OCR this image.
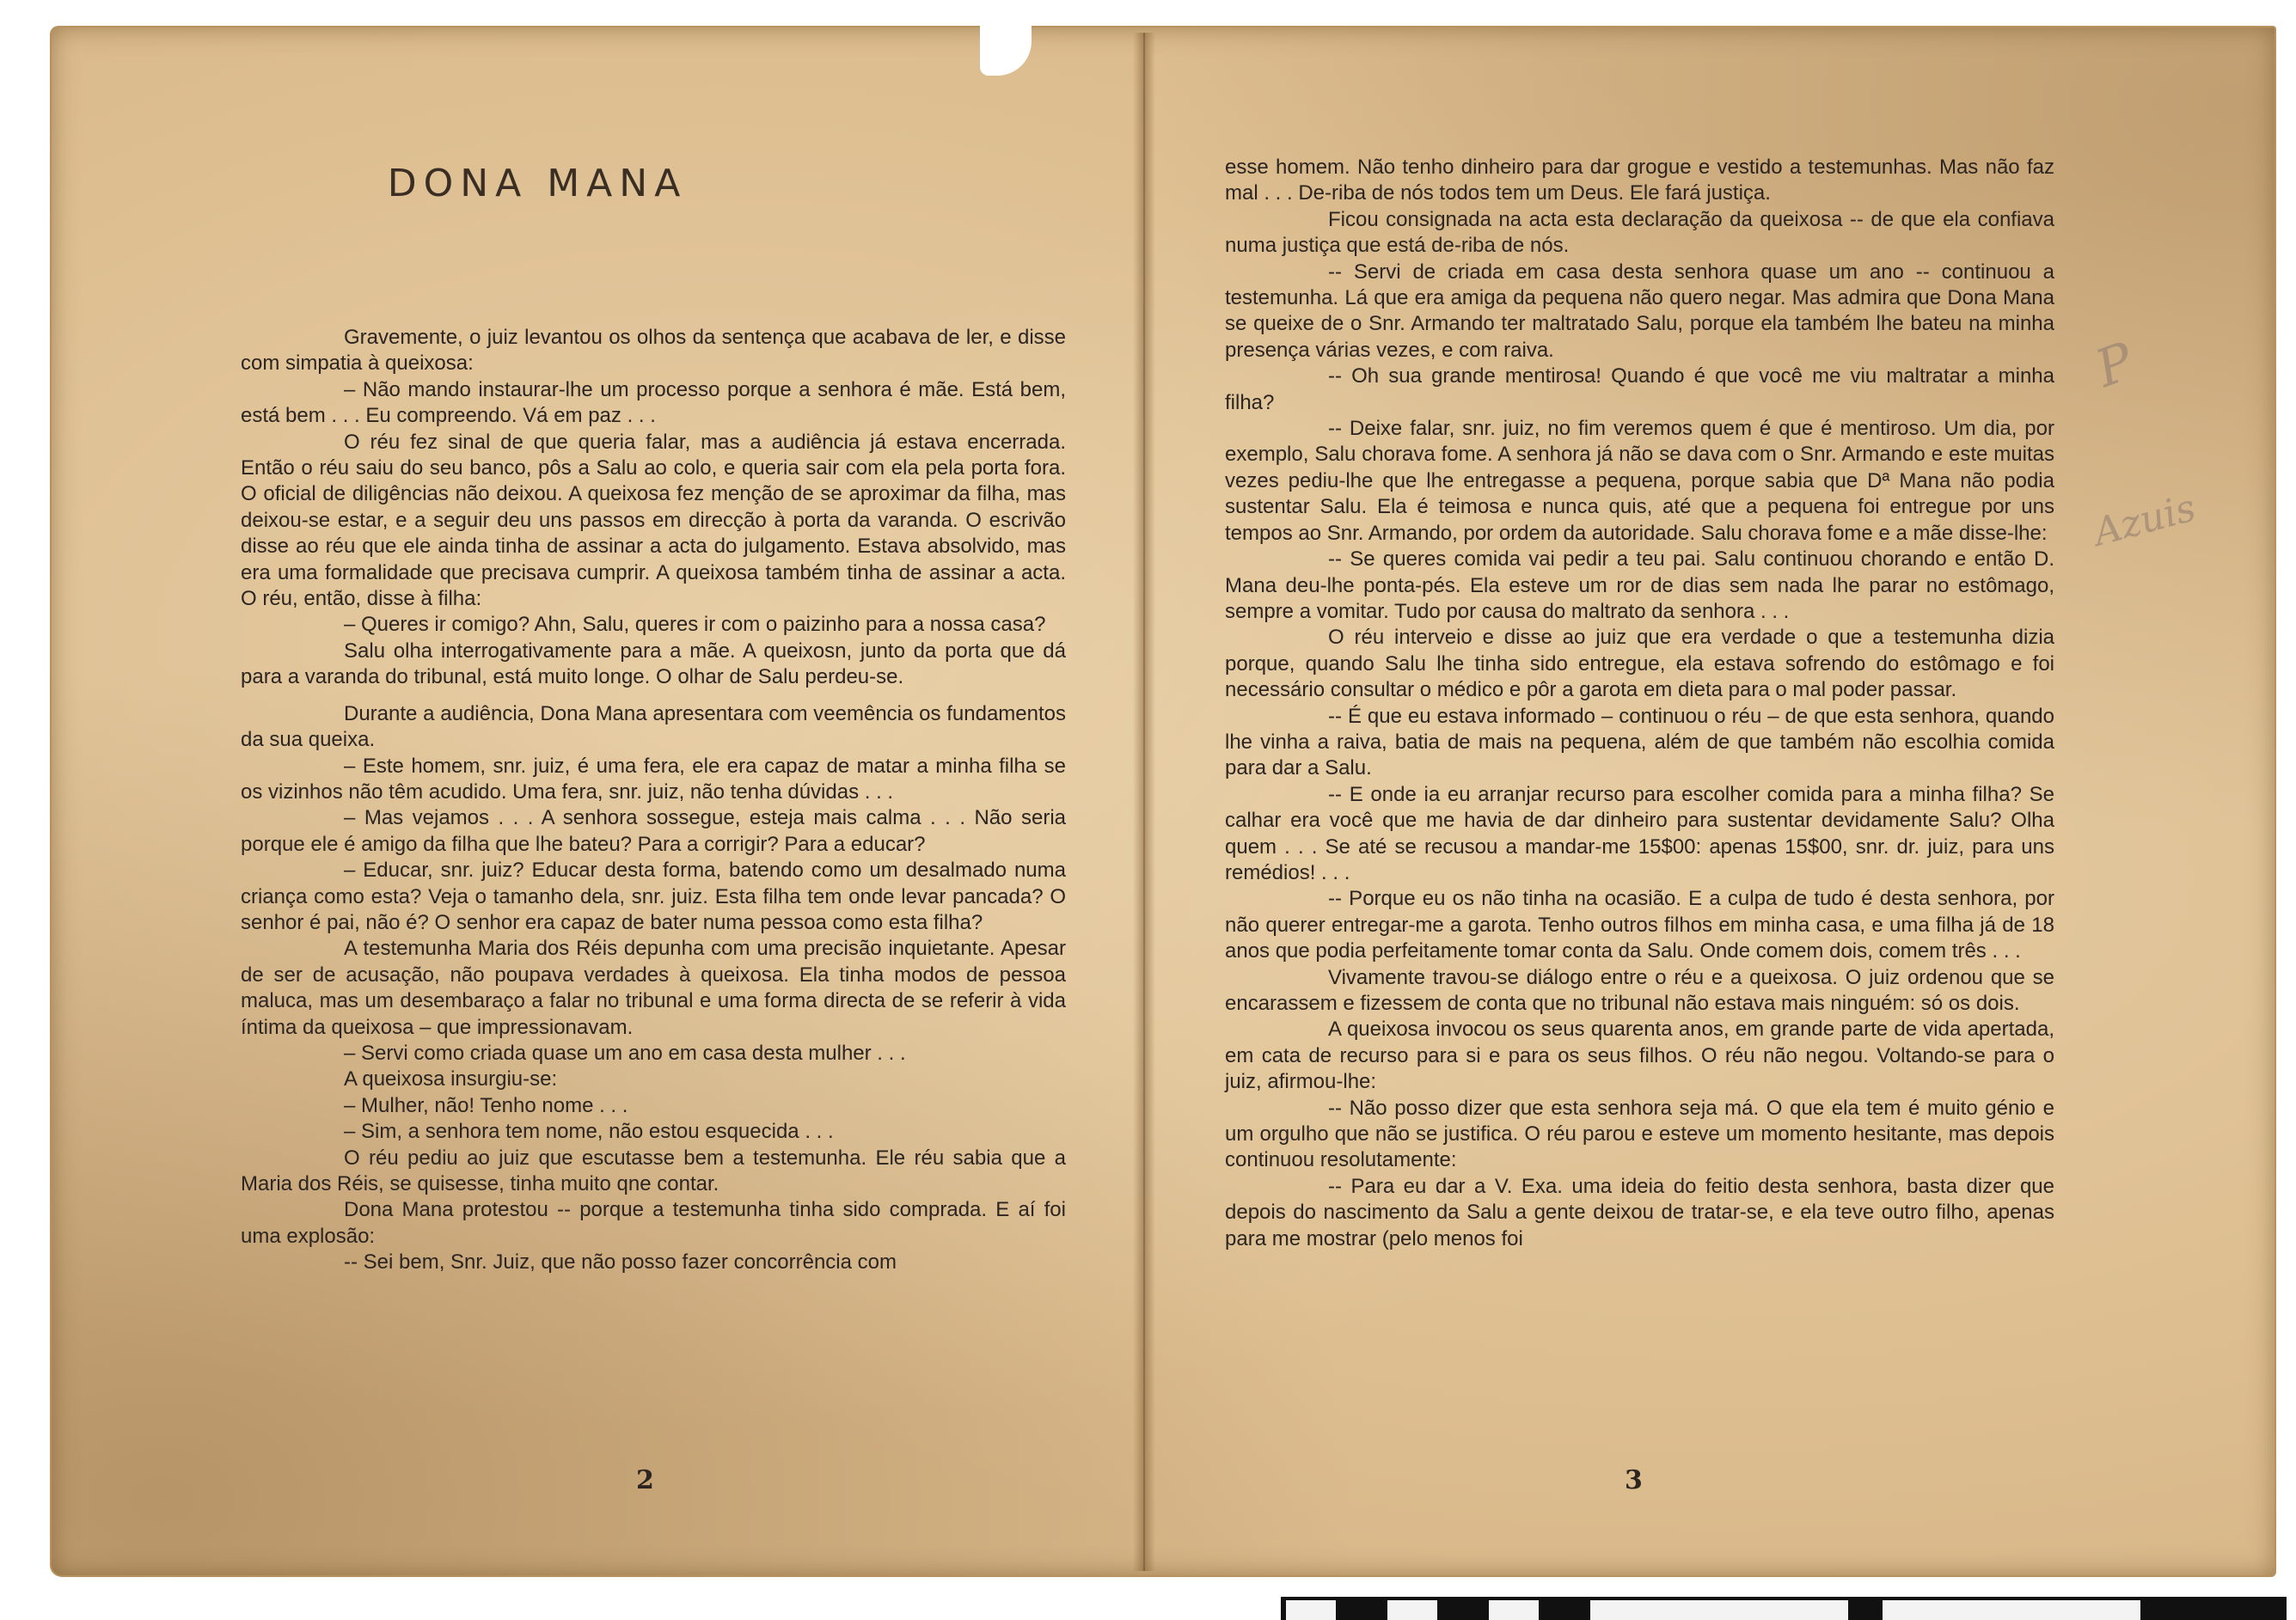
DONA MANA

Gravemente, o juiz levantou os olhos da sentença que acabava de ler, e disse com simpatia à queixosa:

– Não mando instaurar-lhe um processo porque a senhora é mãe. Está bem, está bem . . . Eu compreendo. Vá em paz . . .

O réu fez sinal de que queria falar, mas a audiência já estava encerrada. Então o réu saiu do seu banco, pôs a Salu ao colo, e queria sair com ela pela porta fora. O oficial de diligências não deixou. A queixosa fez menção de se aproximar da filha, mas deixou-se estar, e a seguir deu uns passos em direcção à porta da varanda. O escrivão disse ao réu que ele ainda tinha de assinar a acta do julgamento. Estava absolvido, mas era uma formalidade que precisava cumprir. A queixosa também tinha de assinar a acta. O réu, então, disse à filha:

– Queres ir comigo? Ahn, Salu, queres ir com o paizinho para a nossa casa?

Salu olha interrogativamente para a mãe. A queixosn, junto da porta que dá para a varanda do tribunal, está muito longe. O olhar de Salu perdeu-se.

Durante a audiência, Dona Mana apresentara com veemência os fundamentos da sua queixa.

– Este homem, snr. juiz, é uma fera, ele era capaz de matar a minha filha se os vizinhos não têm acudido. Uma fera, snr. juiz, não tenha dúvidas . . .

– Mas vejamos . . . A senhora sossegue, esteja mais calma . . . Não seria porque ele é amigo da filha que lhe bateu? Para a corrigir? Para a educar?

– Educar, snr. juiz? Educar desta forma, batendo como um desalmado numa criança como esta? Veja o tamanho dela, snr. juiz. Esta filha tem onde levar pancada? O senhor é pai, não é? O senhor era capaz de bater numa pessoa como esta filha?

A testemunha Maria dos Réis depunha com uma precisão inquietante. Apesar de ser de acusação, não poupava verdades à queixosa. Ela tinha modos de pessoa maluca, mas um desembaraço a falar no tribunal e uma forma directa de se referir à vida íntima da queixosa – que impressionavam.

– Servi como criada quase um ano em casa desta mulher . . .

A queixosa insurgiu-se:

– Mulher, não! Tenho nome . . .

– Sim, a senhora tem nome, não estou esquecida . . .

O réu pediu ao juiz que escutasse bem a testemunha. Ele réu sabia que a Maria dos Réis, se quisesse, tinha muito qne contar.

Dona Mana protestou -- porque a testemunha tinha sido comprada. E aí foi uma explosão:

-- Sei bem, Snr. Juiz, que não posso fazer concorrência com

esse homem. Não tenho dinheiro para dar grogue e vestido a testemunhas. Mas não faz mal . . . De-riba de nós todos tem um Deus. Ele fará justiça.

Ficou consignada na acta esta declaração da queixosa -- de que ela confiava numa justiça que está de-riba de nós.

-- Servi de criada em casa desta senhora quase um ano -- continuou a testemunha. Lá que era amiga da pequena não quero negar. Mas admira que Dona Mana se queixe de o Snr. Armando ter maltratado Salu, porque ela também lhe bateu na minha presença várias vezes, e com raiva.

-- Oh sua grande mentirosa! Quando é que você me viu maltratar a minha filha?

-- Deixe falar, snr. juiz, no fim veremos quem é que é mentiroso. Um dia, por exemplo, Salu chorava fome. A senhora já não se dava com o Snr. Armando e este muitas vezes pediu-lhe que lhe entregasse a pequena, porque sabia que Dª Mana não podia sustentar Salu. Ela é teimosa e nunca quis, até que a pequena foi entregue por uns tempos ao Snr. Armando, por ordem da autoridade. Salu chorava fome e a mãe disse-lhe:

-- Se queres comida vai pedir a teu pai. Salu continuou chorando e então D. Mana deu-lhe ponta-pés. Ela esteve um ror de dias sem nada lhe parar no estômago, sempre a vomitar. Tudo por causa do maltrato da senhora . . .

O réu interveio e disse ao juiz que era verdade o que a testemunha dizia porque, quando Salu lhe tinha sido entregue, ela estava sofrendo do estômago e foi necessário consultar o médico e pôr a garota em dieta para o mal poder passar.

-- É que eu estava informado – continuou o réu – de que esta senhora, quando lhe vinha a raiva, batia de mais na pequena, além de que também não escolhia comida para dar a Salu.

-- E onde ia eu arranjar recurso para escolher comida para a minha filha? Se calhar era você que me havia de dar dinheiro para sustentar devidamente Salu? Olha quem . . . Se até se recusou a mandar-me 15$00: apenas 15$00, snr. dr. juiz, para uns remédios! . . .

-- Porque eu os não tinha na ocasião. E a culpa de tudo é desta senhora, por não querer entregar-me a garota. Tenho outros filhos em minha casa, e uma filha já de 18 anos que podia perfeitamente tomar conta da Salu. Onde comem dois, comem três . . .

Vivamente travou-se diálogo entre o réu e a queixosa. O juiz ordenou que se encarassem e fizessem de conta que no tribunal não estava mais ninguém: só os dois.

A queixosa invocou os seus quarenta anos, em grande parte de vida apertada, em cata de recurso para si e para os seus filhos. O réu não negou. Voltando-se para o juiz, afirmou-lhe:

-- Não posso dizer que esta senhora seja má. O que ela tem é muito génio e um orgulho que não se justifica. O réu parou e esteve um momento hesitante, mas depois continuou resolutamente:

-- Para eu dar a V. Exa. uma ideia do feitio desta senhora, basta dizer que depois do nascimento da Salu a gente deixou de tratar-se, e ela teve outro filho, apenas para me mostrar (pelo menos foi

2	3
P
Azuis
